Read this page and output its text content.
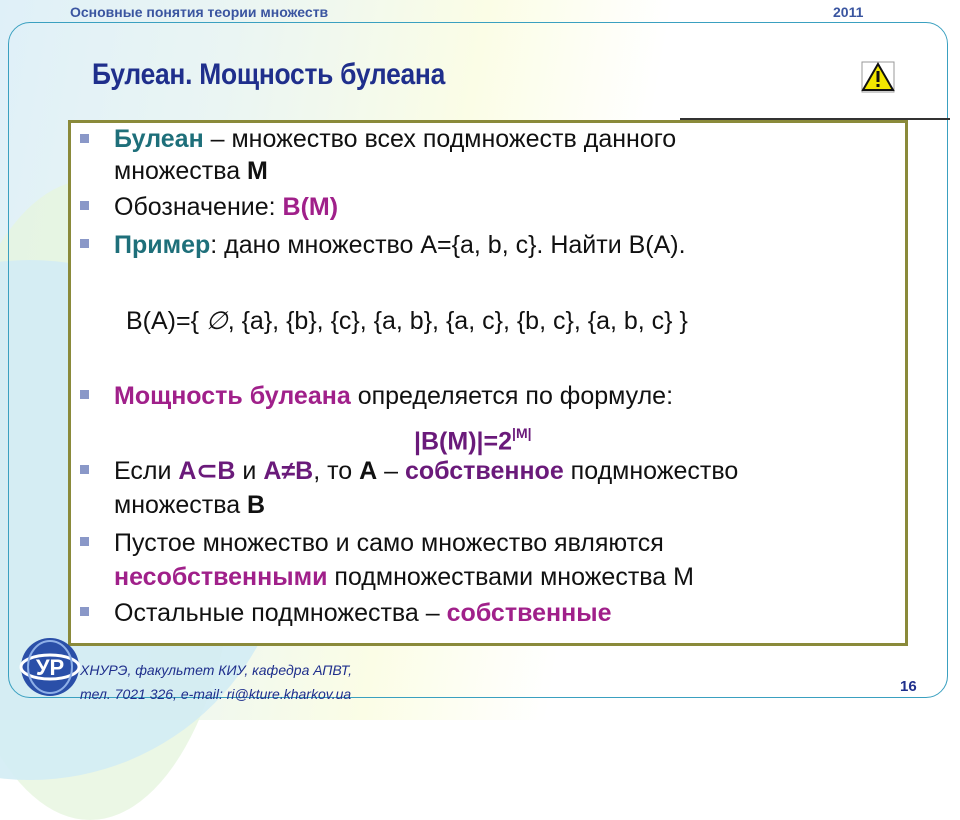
Основные понятия теории множеств	2011
Булеан. Мощность булеана
Булеан – множество всех подмножеств данного
множества M
Обозначение: B(M)
Пример: дано множество A={a, b, c}. Найти B(A).
B(A)={ ∅, {a}, {b}, {c}, {a, b}, {a, c}, {b, c}, {a, b, c} }
Мощность булеана определяется по формуле:
$|B(M)|=2^{|M|}$
Если A⊂B и A≠B, то A – собственное подмножество
множества B
Пустое множество и само множество являются
несобственными подмножествами множества М
Остальные подмножества – собственные
УР ХНУРЭ, факультет КИУ, кафедра АПВТ,
тел. 7021 326, e-mail: ri@kture.kharkov.ua	16
